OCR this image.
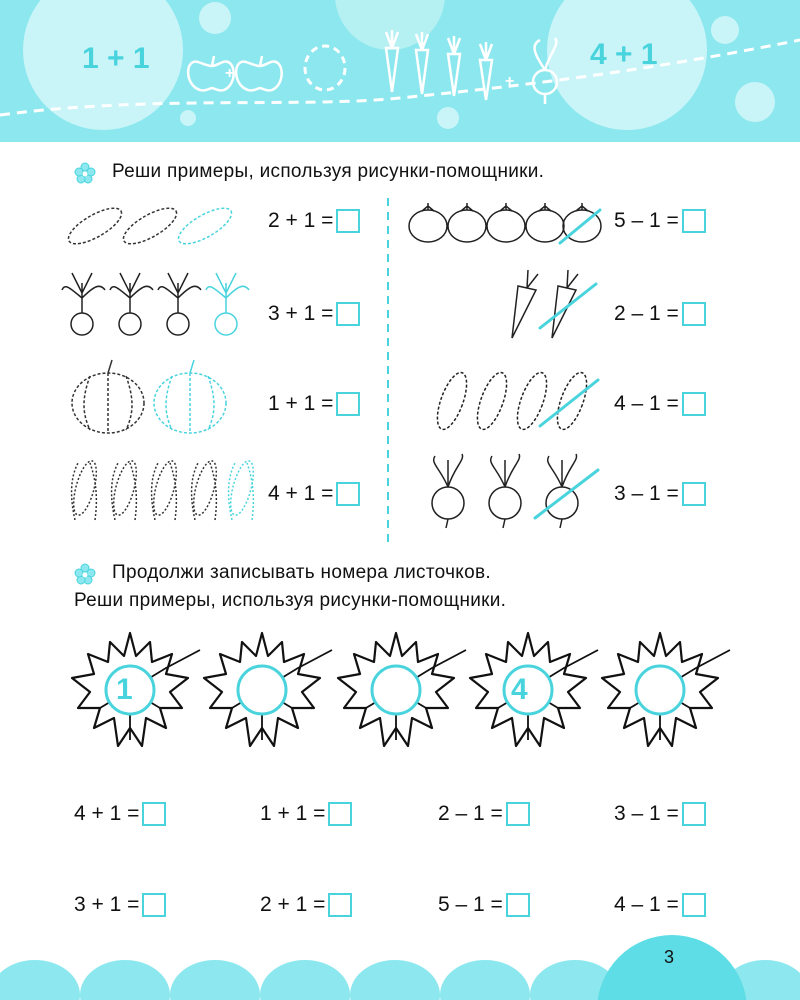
1 + 1	+	+
4 + 1
Реши примеры, используя рисунки-помощники.
2 + 1 =
3 + 1 =
1 + 1 =
4 + 1 =
5 – 1 =
2 – 1 =
4 – 1 =
3 – 1 =
Продолжи записывать номера листочков.
Реши примеры, используя рисунки-помощники.
1	4
4 + 1 =	1 + 1 =	2 – 1 =	3 – 1 =
3 + 1 =	2 + 1 =	5 – 1 =	4 – 1 =
3
